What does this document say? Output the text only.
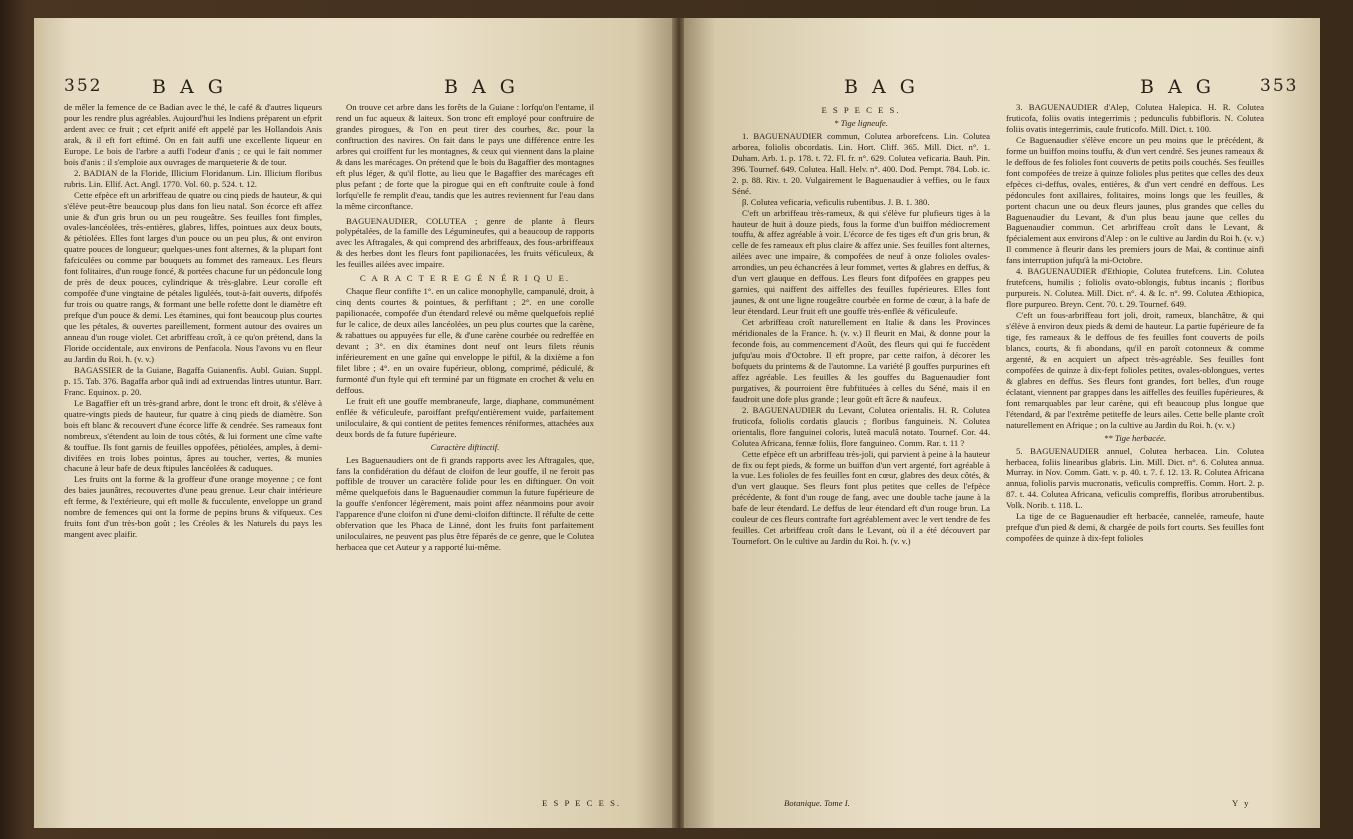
352	B A G	B A G

de mêler la femence de ce Badian avec le thé, le café & d'autres liqueurs pour les rendre plus agréables. Aujourd'hui les Indiens préparent un efprit ardent avec ce fruit ; cet efprit anifé eft appelé par les Hollandois Anis arak, & il eft fort eftimé. On en fait auffi une excellente liqueur en Europe. Le bois de l'arbre a auffi l'odeur d'anis ; ce qui le fait nommer bois d'anis : il s'emploie aux ouvrages de marqueterie & de tour.

2. BADIAN de la Floride, Illicium Floridanum. Lin. Illicium floribus rubris. Lin. Ellif. Act. Angl. 1770. Vol. 60. p. 524. t. 12.

Cette efpèce eft un arbriffeau de quatre ou cinq pieds de hauteur, & qui s'élève peut-être beaucoup plus dans fon lieu natal. Son écorce eft affez unie & d'un gris brun ou un peu rougeâtre. Ses feuilles font fimples, ovales-lancéolées, très-entières, glabres, liffes, pointues aux deux bouts, & pétiolées. Elles font larges d'un pouce ou un peu plus, & ont environ quatre pouces de longueur; quelques-unes font alternes, & la plupart font fafciculées ou comme par bouquets au fommet des rameaux. Les fleurs font folitaires, d'un rouge foncé, & portées chacune fur un pédoncule long de près de deux pouces, cylindrique & très-glabre. Leur corolle eft compofée d'une vingtaine de pétales liguléés, tout-à-fait ouverts, difpofés fur trois ou quatre rangs, & formant une belle rofette dont le diamètre eft prefque d'un pouce & demi. Les étamines, qui font beaucoup plus courtes que les pétales, & ouvertes pareillement, forment autour des ovaires un anneau d'un rouge violet. Cet arbriffeau croît, à ce qu'on prétend, dans la Floride occidentale, aux environs de Penfacola. Nous l'avons vu en fleur au Jardin du Roi. ħ. (v. v.)

BAGASSIER de la Guiane, Bagaffa Guianenfis. Aubl. Guian. Suppl. p. 15. Tab. 376. Bagaffa arbor quâ indi ad extruendas lintres utuntur. Barr. Franc. Equinox. p. 20.

Le Bagaffier eft un très-grand arbre, dont le tronc eft droit, & s'élève à quatre-vingts pieds de hauteur, fur quatre à cinq pieds de diamètre. Son bois eft blanc & recouvert d'une écorce liffe & cendrée. Ses rameaux font nombreux, s'étendent au loin de tous côtés, & lui forment une cîme vafte & touffue. Ils font garnis de feuilles oppofées, pétiolées, amples, à demi-divifées en trois lobes pointus, âpres au toucher, vertes, & munies chacune à leur bafe de deux ftipules lancéolées & caduques.

Les fruits ont la forme & la groffeur d'une orange moyenne ; ce font des baies jaunâtres, recouvertes d'une peau grenue. Leur chair intérieure eft ferme, & l'extérieure, qui eft molle & fucculente, enveloppe un grand nombre de femences qui ont la forme de pepins bruns & vifqueux. Ces fruits font d'un très-bon goût ; les Créoles & les Naturels du pays les mangent avec plaifir.

On trouve cet arbre dans les forêts de la Guiane : lorfqu'on l'entame, il rend un fuc aqueux & laiteux. Son tronc eft employé pour conftruire de grandes pirogues, & l'on en peut tirer des courbes, &c. pour la conftruction des navires. On fait dans le pays une différence entre les arbres qui croiffent fur les montagnes, & ceux qui viennent dans la plaine & dans les marécages. On prétend que le bois du Bagaffier des montagnes eft plus léger, & qu'il flotte, au lieu que le Bagaffier des marécages eft plus pefant ; de forte que la pirogue qui en eft conftruite coule à fond lorfqu'elle fe remplit d'eau, tandis que les autres reviennent fur l'eau dans la même circonftance.

BAGUENAUDIER, COLUTEA ; genre de plante à fleurs polypétalées, de la famille des Légumineufes, qui a beaucoup de rapports avec les Aftragales, & qui comprend des arbriffeaux, des fous-arbriffeaux & des herbes dont les fleurs font papilionacées, les fruits véficuleux, & les feuilles ailées avec impaire.

C A R A C T E R E G É N É R I Q U E.

Chaque fleur confifte 1°. en un calice monophylle, campanulé, droit, à cinq dents courtes & pointues, & perfiftant ; 2°. en une corolle papilionacée, compofée d'un étendard relevé ou même quelquefois replié fur le calice, de deux ailes lancéolées, un peu plus courtes que la carène, & rabattues ou appuyées fur elle, & d'une carène courbée ou redreffée en devant ; 3°. en dix étamines dont neuf ont leurs filets réunis inférieurement en une gaîne qui enveloppe le piftil, & la dixième a fon filet libre ; 4°. en un ovaire fupérieur, oblong, comprimé, pédiculé, & furmonté d'un ftyle qui eft terminé par un ftigmate en crochet & velu en deffous.

Le fruit eft une gouffe membraneufe, large, diaphane, communément enflée & véficuleufe, paroiffant prefqu'entièrement vuide, parfaitement uniloculaire, & qui contient de petites femences réniformes, attachées aux deux bords de fa future fupérieure.

Caractère diftinctif.

Les Baguenaudiers ont de fi grands rapports avec les Aftragales, que, fans la confidération du défaut de cloifon de leur gouffe, il ne feroit pas poffible de trouver un caractère folide pour les en diftinguer. On voit même quelquefois dans le Baguenaudier commun la future fupérieure de la gouffe s'enfoncer légèrement, mais point affez néanmoins pour avoir l'apparence d'une cloifon ni d'une demi-cloifon diftincte. Il réfulte de cette obfervation que les Phaca de Linné, dont les fruits font parfaitement uniloculaires, ne peuvent pas plus être féparés de ce genre, que le Colutea herbacea que cet Auteur y a rapporté lui-même.

E S P E C E S.
B A G	B A G	353
E S P E C E S.
* Tige ligneufe.

1. BAGUENAUDIER commun, Colutea arborefcens. Lin. Colutea arborea, foliolis obcordatis. Lin. Hort. Cliff. 365. Mill. Dict. n°. 1. Duham. Arb. 1. p. 178. t. 72. Fl. fr. n°. 629. Colutea veficaria. Bauh. Pin. 396. Tournef. 649. Colutea. Hall. Helv. n°. 400. Dod. Pempt. 784. Lob. ic. 2. p. 88. Riv. t. 20. Vulgairement le Baguenaudier à veffies, ou le faux Séné.

β. Colutea veficaria, veficulis rubentibus. J. B. 1. 380.

C'eft un arbriffeau très-rameux, & qui s'élève fur plufieurs tiges à la hauteur de huit à douze pieds, fous la forme d'un buiffon médiocrement touffu, & affez agréable à voir. L'écorce de fes tiges eft d'un gris brun, & celle de fes rameaux eft plus claire & affez unie. Ses feuilles font alternes, ailées avec une impaire, & compofées de neuf à onze folioles ovales-arrondies, un peu échancrées à leur fommet, vertes & glabres en deffus, & d'un vert glauque en deffous. Les fleurs font difpofées en grappes peu garnies, qui naiffent des aiffelles des feuilles fupérieures. Elles font jaunes, & ont une ligne rougeâtre courbée en forme de cœur, à la bafe de leur étendard. Leur fruit eft une gouffe très-enflée & véficuleufe.

Cet arbriffeau croît naturellement en Italie & dans les Provinces méridionales de la France. ħ. (v. v.) Il fleurit en Mai, & donne pour la feconde fois, au commencement d'Août, des fleurs qui qui fe fuccèdent jufqu'au mois d'Octobre. Il eft propre, par cette raifon, à décorer les bofquets du printems & de l'automne. La variété β gouffes purpurines eft affez agréable. Les feuilles & les gouffes du Baguenaudier font purgatives, & pourroient être fubftituées à celles du Séné, mais il en faudroit une dofe plus grande ; leur goût eft âcre & naufeux.

2. BAGUENAUDIER du Levant, Colutea orientalis. H. R. Colutea fruticofa, foliolis cordatis glaucis ; floribus fanguineis. N. Colutea orientalis, flore fanguinei coloris, luteâ maculâ notato. Tournef. Cor. 44. Colutea Africana, fennæ foliis, flore fanguineo. Comm. Rar. t. 11 ?

Cette efpèce eft un arbriffeau très-joli, qui parvient à peine à la hauteur de fix ou fept pieds, & forme un buiffon d'un vert argenté, fort agréable à la vue. Les folioles de fes feuilles font en cœur, glabres des deux côtés, & d'un vert glauque. Ses fleurs font plus petites que celles de l'efpèce précédente, & font d'un rouge de fang, avec une double tache jaune à la bafe de leur étendard. Le deffus de leur étendard eft d'un rouge brun. La couleur de ces fleurs contrafte fort agréablement avec le vert tendre de fes feuilles. Cet arbriffeau croît dans le Levant, où il a été découvert par Tournefort. On le cultive au Jardin du Roi. ħ. (v. v.)

Botanique. Tome I.

3. BAGUENAUDIER d'Alep, Colutea Halepica. H. R. Colutea fruticofa, foliis ovatis integerrimis ; pedunculis fubbifloris. N. Colutea foliis ovatis integerrimis, caule fruticofo. Mill. Dict. t. 100.

Ce Baguenaudier s'élève encore un peu moins que le précédent, & forme un buiffon moins touffu, & d'un vert cendré. Ses jeunes rameaux & le deffous de fes folioles font couverts de petits poils couchés. Ses feuilles font compofées de treize à quinze folioles plus petites que celles des deux efpèces ci-deffus, ovales, entières, & d'un vert cendré en deffous. Les pédoncules font axillaires, folitaires, moins longs que les feuilles, & portent chacun une ou deux fleurs jaunes, plus grandes que celles du Baguenaudier du Levant, & d'un plus beau jaune que celles du Baguenaudier commun. Cet arbriffeau croît dans le Levant, & fpécialement aux environs d'Alep : on le cultive au Jardin du Roi ħ. (v. v.) Il commence à fleurir dans les premiers jours de Mai, & continue ainfi fans interruption jufqu'à la mi-Octobre.

4. BAGUENAUDIER d'Ethiopie, Colutea frutefcens. Lin. Colutea frutefcens, humilis ; foliolis ovato-oblongis, fubtus incanis ; floribus purpureis. N. Colutea. Mill. Dict. n°. 4. & Ic. n°. 99. Colutea Æthiopica, flore purpureo. Breyn. Cent. 70. t. 29. Tournef. 649.

C'eft un fous-arbriffeau fort joli, droit, rameux, blanchâtre, & qui s'élève à environ deux pieds & demi de hauteur. La partie fupérieure de fa tige, fes rameaux & le deffous de fes feuilles font couverts de poils blancs, courts, & fi abondans, qu'il en paroît cotonneux & comme argenté, & en acquiert un afpect très-agréable. Ses feuilles font compofées de quinze à dix-fept folioles petites, ovales-oblongues, vertes & glabres en deffus. Ses fleurs font grandes, fort belles, d'un rouge éclatant, viennent par grappes dans les aiffelles des feuilles fupérieures, & font remarquables par leur carène, qui eft beaucoup plus longue que l'étendard, & par l'extrême petiteffe de leurs ailes. Cette belle plante croît naturellement en Afrique ; on la cultive au Jardin du Roi. ħ. (v. v.)

** Tige herbacée.

5. BAGUENAUDIER annuel, Colutea herbacea. Lin. Colutea herbacea, foliis linearibus glabris. Lin. Mill. Dict. n°. 6. Colutea annua. Murray. in Nov. Comm. Gatt. v. p. 40. t. 7. f. 12. 13. R. Colutea Africana annua, foliolis parvis mucronatis, veficulis compreffis. Comm. Hort. 2. p. 87. t. 44. Colutea Africana, veficulis compreffis, floribus atrorubentibus. Volk. Norib. t. 118. L.

La tige de ce Baguenaudier eft herbacée, cannelée, rameufe, haute prefque d'un pied & demi, & chargée de poils fort courts. Ses feuilles font compofées de quinze à dix-fept folioles

Y y
